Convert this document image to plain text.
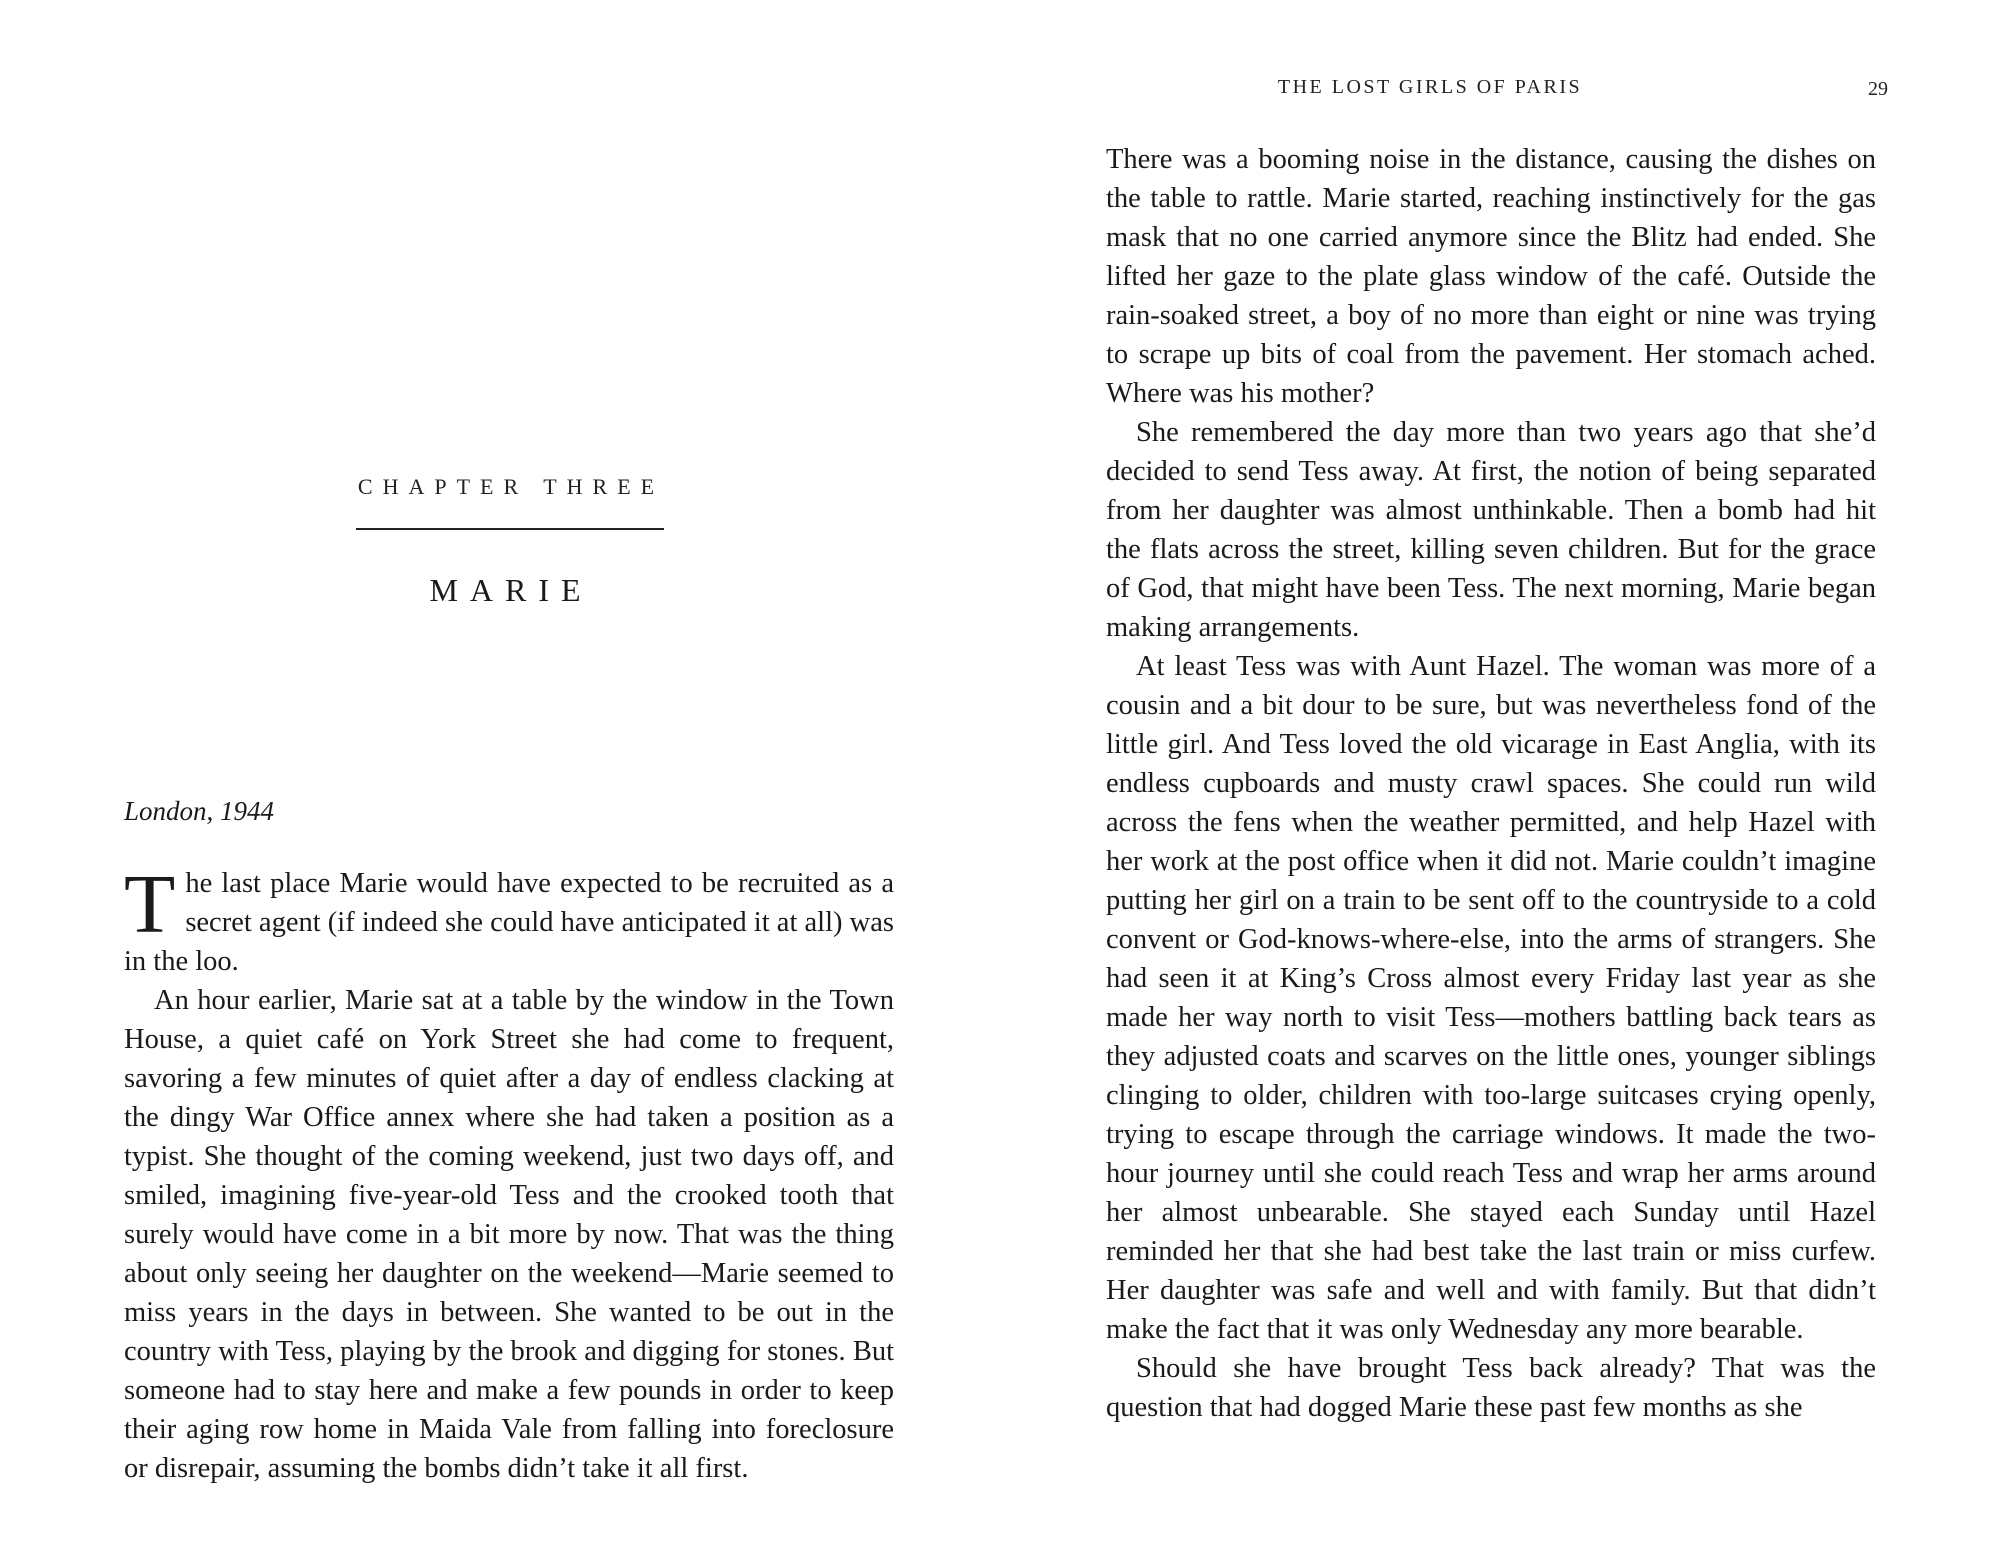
CHAPTER THREE
MARIE
London, 1944

The last place Marie would have expected to be recruited as a secret agent (if indeed she could have anticipated it at all) was in the loo.

An hour earlier, Marie sat at a table by the window in the Town House, a quiet café on York Street she had come to frequent, savoring a few minutes of quiet after a day of endless clacking at the dingy War Office annex where she had taken a position as a typist. She thought of the coming weekend, just two days off, and smiled, imagining five-year-old Tess and the crooked tooth that surely would have come in a bit more by now. That was the thing about only seeing her daughter on the weekend—Marie seemed to miss years in the days in between. She wanted to be out in the country with Tess, playing by the brook and digging for stones. But someone had to stay here and make a few pounds in order to keep their aging row home in Maida Vale from falling into foreclosure or disrepair, assuming the bombs didn’t take it all first.

THE LOST GIRLS OF PARIS	29

There was a booming noise in the distance, causing the dishes on the table to rattle. Marie started, reaching instinctively for the gas mask that no one carried anymore since the Blitz had ended. She lifted her gaze to the plate glass window of the café. Outside the rain-soaked street, a boy of no more than eight or nine was trying to scrape up bits of coal from the pavement. Her stomach ached. Where was his mother?

She remembered the day more than two years ago that she’d decided to send Tess away. At first, the notion of being separated from her daughter was almost unthinkable. Then a bomb had hit the flats across the street, killing seven children. But for the grace of God, that might have been Tess. The next morning, Marie began making arrangements.

At least Tess was with Aunt Hazel. The woman was more of a cousin and a bit dour to be sure, but was nevertheless fond of the little girl. And Tess loved the old vicarage in East Anglia, with its endless cupboards and musty crawl spaces. She could run wild across the fens when the weather permitted, and help Hazel with her work at the post office when it did not. Marie couldn’t imagine putting her girl on a train to be sent off to the countryside to a cold convent or God-knows-where-else, into the arms of strangers. She had seen it at King’s Cross almost every Friday last year as she made her way north to visit Tess—mothers battling back tears as they adjusted coats and scarves on the little ones, younger siblings clinging to older, children with too-large suitcases crying openly, trying to escape through the carriage windows. It made the two-hour journey until she could reach Tess and wrap her arms around her almost unbearable. She stayed each Sunday until Hazel reminded her that she had best take the last train or miss curfew. Her daughter was safe and well and with family. But that didn’t make the fact that it was only Wednesday any more bearable.

Should she have brought Tess back already? That was the question that had dogged Marie these past few months as she
